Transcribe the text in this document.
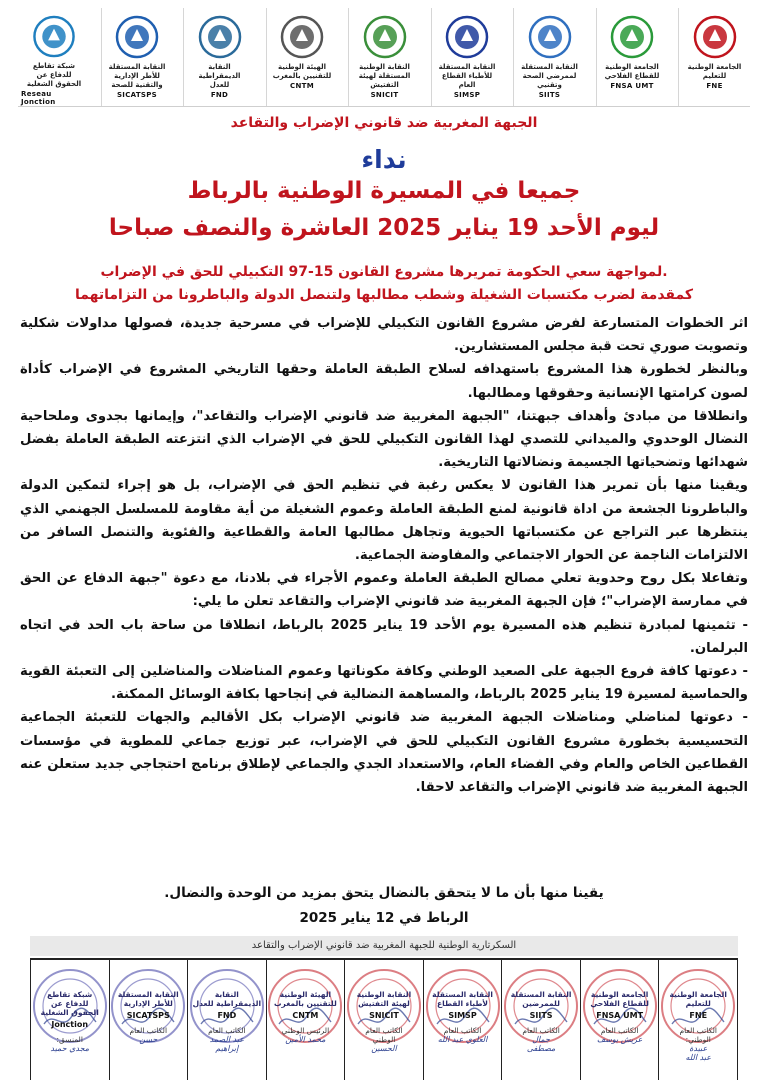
الجامعة الوطنية
للتعليم
FNE
الجامعة الوطنية
للقطاع الفلاحي
FNSA UMT
النقابة المستقلة
لممرضي الصحة
وتقنيي
SIITS
النقابة المستقلة
للأطباء القطاع
العام
SIMSP
النقابة الوطنية
المستقلة لهيئة
التفتيش
SNICIT
الهيئة الوطنية
للتقنيين بالمغرب
CNTM
النقابة
الديمقراطية
للعدل
FND
النقابة المستقلة
للأطر الإدارية
والتقنية للصحة
SICATSPS
شبكة تقاطع
للدفاع عن
الحقوق الشغلية
Reseau Jonction
الجبهة المغربية ضد قانوني الإضراب والتقاعد
نداء
جميعا في المسيرة الوطنية بالرباط
ليوم الأحد 19 يناير 2025 العاشرة والنصف صباحا
لمواجهة سعي الحكومة تمريرها مشروع القانون 15-97 التكبيلي للحق في الإضراب.
كمقدمة لضرب مكتسبات الشغيلة وشطب مطالبها ولتنصل الدولة والباطرونا من التزاماتهما

اثر الخطوات المتسارعة لفرض مشروع القانون التكبيلي للإضراب في مسرحية جديدة، فصولها مداولات شكلية وتصويت صوري تحت قبة مجلس المستشارين.

وبالنظر لخطورة هذا المشروع باستهدافه لسلاح الطبقة العاملة وحقها التاريخي المشروع في الإضراب كأداة لصون كرامتها الإنسانية وحقوقها ومطالبها.

وانطلاقا من مبادئ وأهداف جبهتنا، "الجبهة المغربية ضد قانوني الإضراب والتقاعد"، وإيمانها بجدوى وملحاحية النضال الوحدوي والميداني للتصدي لهذا القانون التكبيلي للحق في الإضراب الذي انتزعته الطبقة العاملة بفضل شهدائها وتضحياتها الجسيمة ونضالاتها التاريخية.

ويقينا منها بأن تمرير هذا القانون لا يعكس رغبة في تنظيم الحق في الإضراب، بل هو إجراء لتمكين الدولة والباطرونا الجشعة من اداة قانونية لمنع الطبقة العاملة وعموم الشغيلة من أية مقاومة للمسلسل الجهنمي الذي ينتظرها عبر التراجع عن مكتسباتها الحيوية وتجاهل مطالبها العامة والقطاعية والفئوية والتنصل السافر من الالتزامات الناجمة عن الحوار الاجتماعي والمفاوضة الجماعية.

وتفاعلا بكل روح وحدوية تعلي مصالح الطبقة العاملة وعموم الأجراء في بلادنا، مع دعوة "جبهة الدفاع عن الحق في ممارسة الإضراب"؛ فإن الجبهة المغربية ضد قانوني الإضراب والتقاعد تعلن ما يلي:

- تثمينها لمبادرة تنظيم هذه المسيرة يوم الأحد 19 يناير 2025 بالرباط، انطلاقا من ساحة باب الحد في اتجاه البرلمان.

- دعوتها كافة فروع الجبهة على الصعيد الوطني وكافة مكوناتها وعموم المناضلات والمناضلين إلى التعبئة القوية والحماسية لمسيرة 19 يناير 2025 بالرباط، والمساهمة النضالية في إنجاحها بكافة الوسائل الممكنة.

- دعوتها لمناضلي ومناضلات الجبهة المغربية ضد قانوني الإضراب بكل الأقاليم والجهات للتعبئة الجماعية التحسيسية بخطورة مشروع القانون التكبيلي للحق في الإضراب، عبر توزيع جماعي للمطوية في مؤسسات القطاعين الخاص والعام وفي الفضاء العام، والاستعداد الجدي والجماعي لإطلاق برنامج احتجاجي جديد ستعلن عنه الجبهة المغربية ضد قانوني الإضراب والتقاعد لاحقا.

يقينا منها بأن ما لا يتحقق بالنضال يتحق بمزيد من الوحدة والنضال.
الرباط في 12 يناير 2025
السكرتارية الوطنية للجبهة المغربية ضد قانوني الإضراب والتقاعد
الجامعة الوطنية
للتعليم
FNE
الكاتب العام
الوطني:
عبيدة
عبد الله
الجامعة الوطنية
للقطاع الفلاحي
FNSA UMT
الكاتب العام
عريش يوسف
النقابة المستقلة
للممرضين
SIITS
الكاتب العام
جمال
مصطفى
النقابة المستقلة
لأطباء القطاع
SIMSP
الكاتب العام
العلوي عبد الله
النقابة الوطنية
لهيئة التفتيش
SNICIT
الكاتب العام
الوطني
الحسين
الهيئة الوطنية
للتقنيين بالمغرب
CNTM
الرئيس الوطني
محمد الأمين
النقابة
الديمقراطية للعدل
FND
الكاتب العام
عبد الصمد
إبراهيم
النقابة المستقلة
للأطر الإدارية
SICATSPS
الكاتب العام
حسن
شبكة تقاطع
للدفاع عن
الحقوق الشغلية
Jonction
المنسق:
مجدي حميد
